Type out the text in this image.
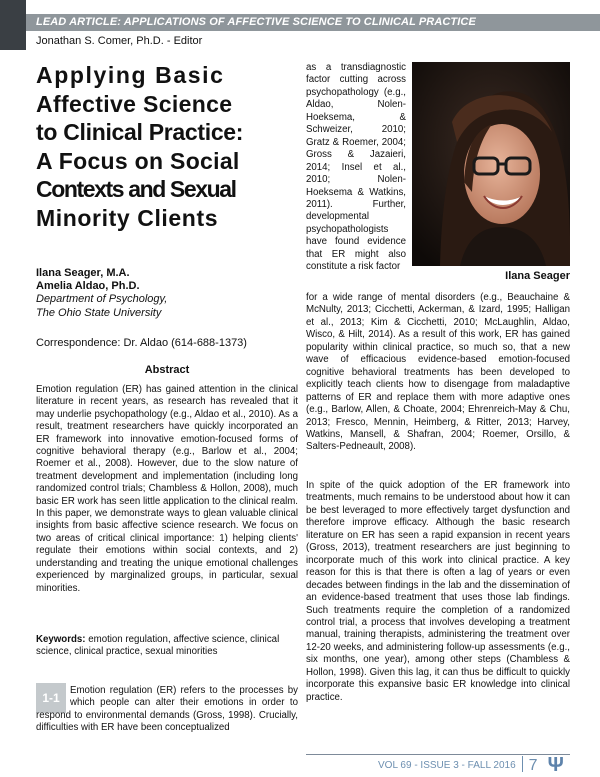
LEAD ARTICLE: APPLICATIONS OF AFFECTIVE SCIENCE TO CLINICAL PRACTICE
Jonathan S. Comer, Ph.D. - Editor
Applying Basic
Affective Science
to Clinical Practice:
A Focus on Social
Contexts and Sexual
Minority Clients
Ilana Seager, M.A.
Amelia Aldao, Ph.D.
Department of Psychology,
The Ohio State University
Correspondence: Dr. Aldao (614-688-1373)
Abstract

Emotion regulation (ER) has gained attention in the clinical literature in recent years, as research has revealed that it may underlie psychopathology (e.g., Aldao et al., 2010). As a result, treatment researchers have quickly incorporated an ER framework into innovative emotion-focused forms of cognitive behavioral therapy (e.g., Barlow et al., 2004; Roemer et al., 2008). However, due to the slow nature of treatment development and implementation (including long randomized control trials; Chambless & Hollon, 2008), much basic ER work has seen little application to the clinical realm. In this paper, we demonstrate ways to glean valuable clinical insights from basic affective science research. We focus on two areas of critical clinical importance: 1) helping clients' regulate their emotions within social contexts, and 2) understanding and treating the unique emotional challenges experienced by marginalized groups, in particular, sexual minorities.

Keywords: emotion regulation, affective science, clinical science, clinical practice, sexual minorities

1-1

Emotion regulation (ER) refers to the processes by which people can alter their emotions in order to respond to environmental demands (Gross, 1998). Crucially, difficulties with ER have been conceptualized

as a transdiagnostic factor cutting across psychopathology (e.g., Aldao, Nolen-Hoeksema, & Schweizer, 2010; Gratz & Roemer, 2004; Gross & Jazaieri, 2014; Insel et al., 2010; Nolen-Hoeksema & Watkins, 2011). Further, developmental psychopathologists have found evidence that ER might also constitute a risk factor

Ilana Seager

for a wide range of mental disorders (e.g., Beauchaine & McNulty, 2013; Cicchetti, Ackerman, & Izard, 1995; Halligan et al., 2013; Kim & Cicchetti, 2010; McLaughlin, Aldao, Wisco, & Hilt, 2014). As a result of this work, ER has gained popularity within clinical practice, so much so, that a new wave of efficacious evidence-based emotion-focused cognitive behavioral treatments has been developed to explicitly teach clients how to disengage from maladaptive patterns of ER and replace them with more adaptive ones (e.g., Barlow, Allen, & Choate, 2004; Ehrenreich-May & Chu, 2013; Fresco, Mennin, Heimberg, & Ritter, 2013; Harvey, Watkins, Mansell, & Shafran, 2004; Roemer, Orsillo, & Salters-Pedneault, 2008).

In spite of the quick adoption of the ER framework into treatments, much remains to be understood about how it can be best leveraged to more effectively target dysfunction and therefore improve efficacy. Although the basic research literature on ER has seen a rapid expansion in recent years (Gross, 2013), treatment researchers are just beginning to incorporate much of this work into clinical practice. A key reason for this is that there is often a lag of years or even decades between findings in the lab and the dissemination of an evidence-based treatment that uses those lab findings. Such treatments require the completion of a randomized control trial, a process that involves developing a treatment manual, training therapists, administering the treatment over 12-20 weeks, and administering follow-up assessments (e.g., six months, one year), among other steps (Chambless & Hollon, 1998). Given this lag, it can thus be difficult to quickly incorporate this expansive basic ER knowledge into clinical practice.

VOL 69 - ISSUE 3 - FALL 2016 7 Ψ
